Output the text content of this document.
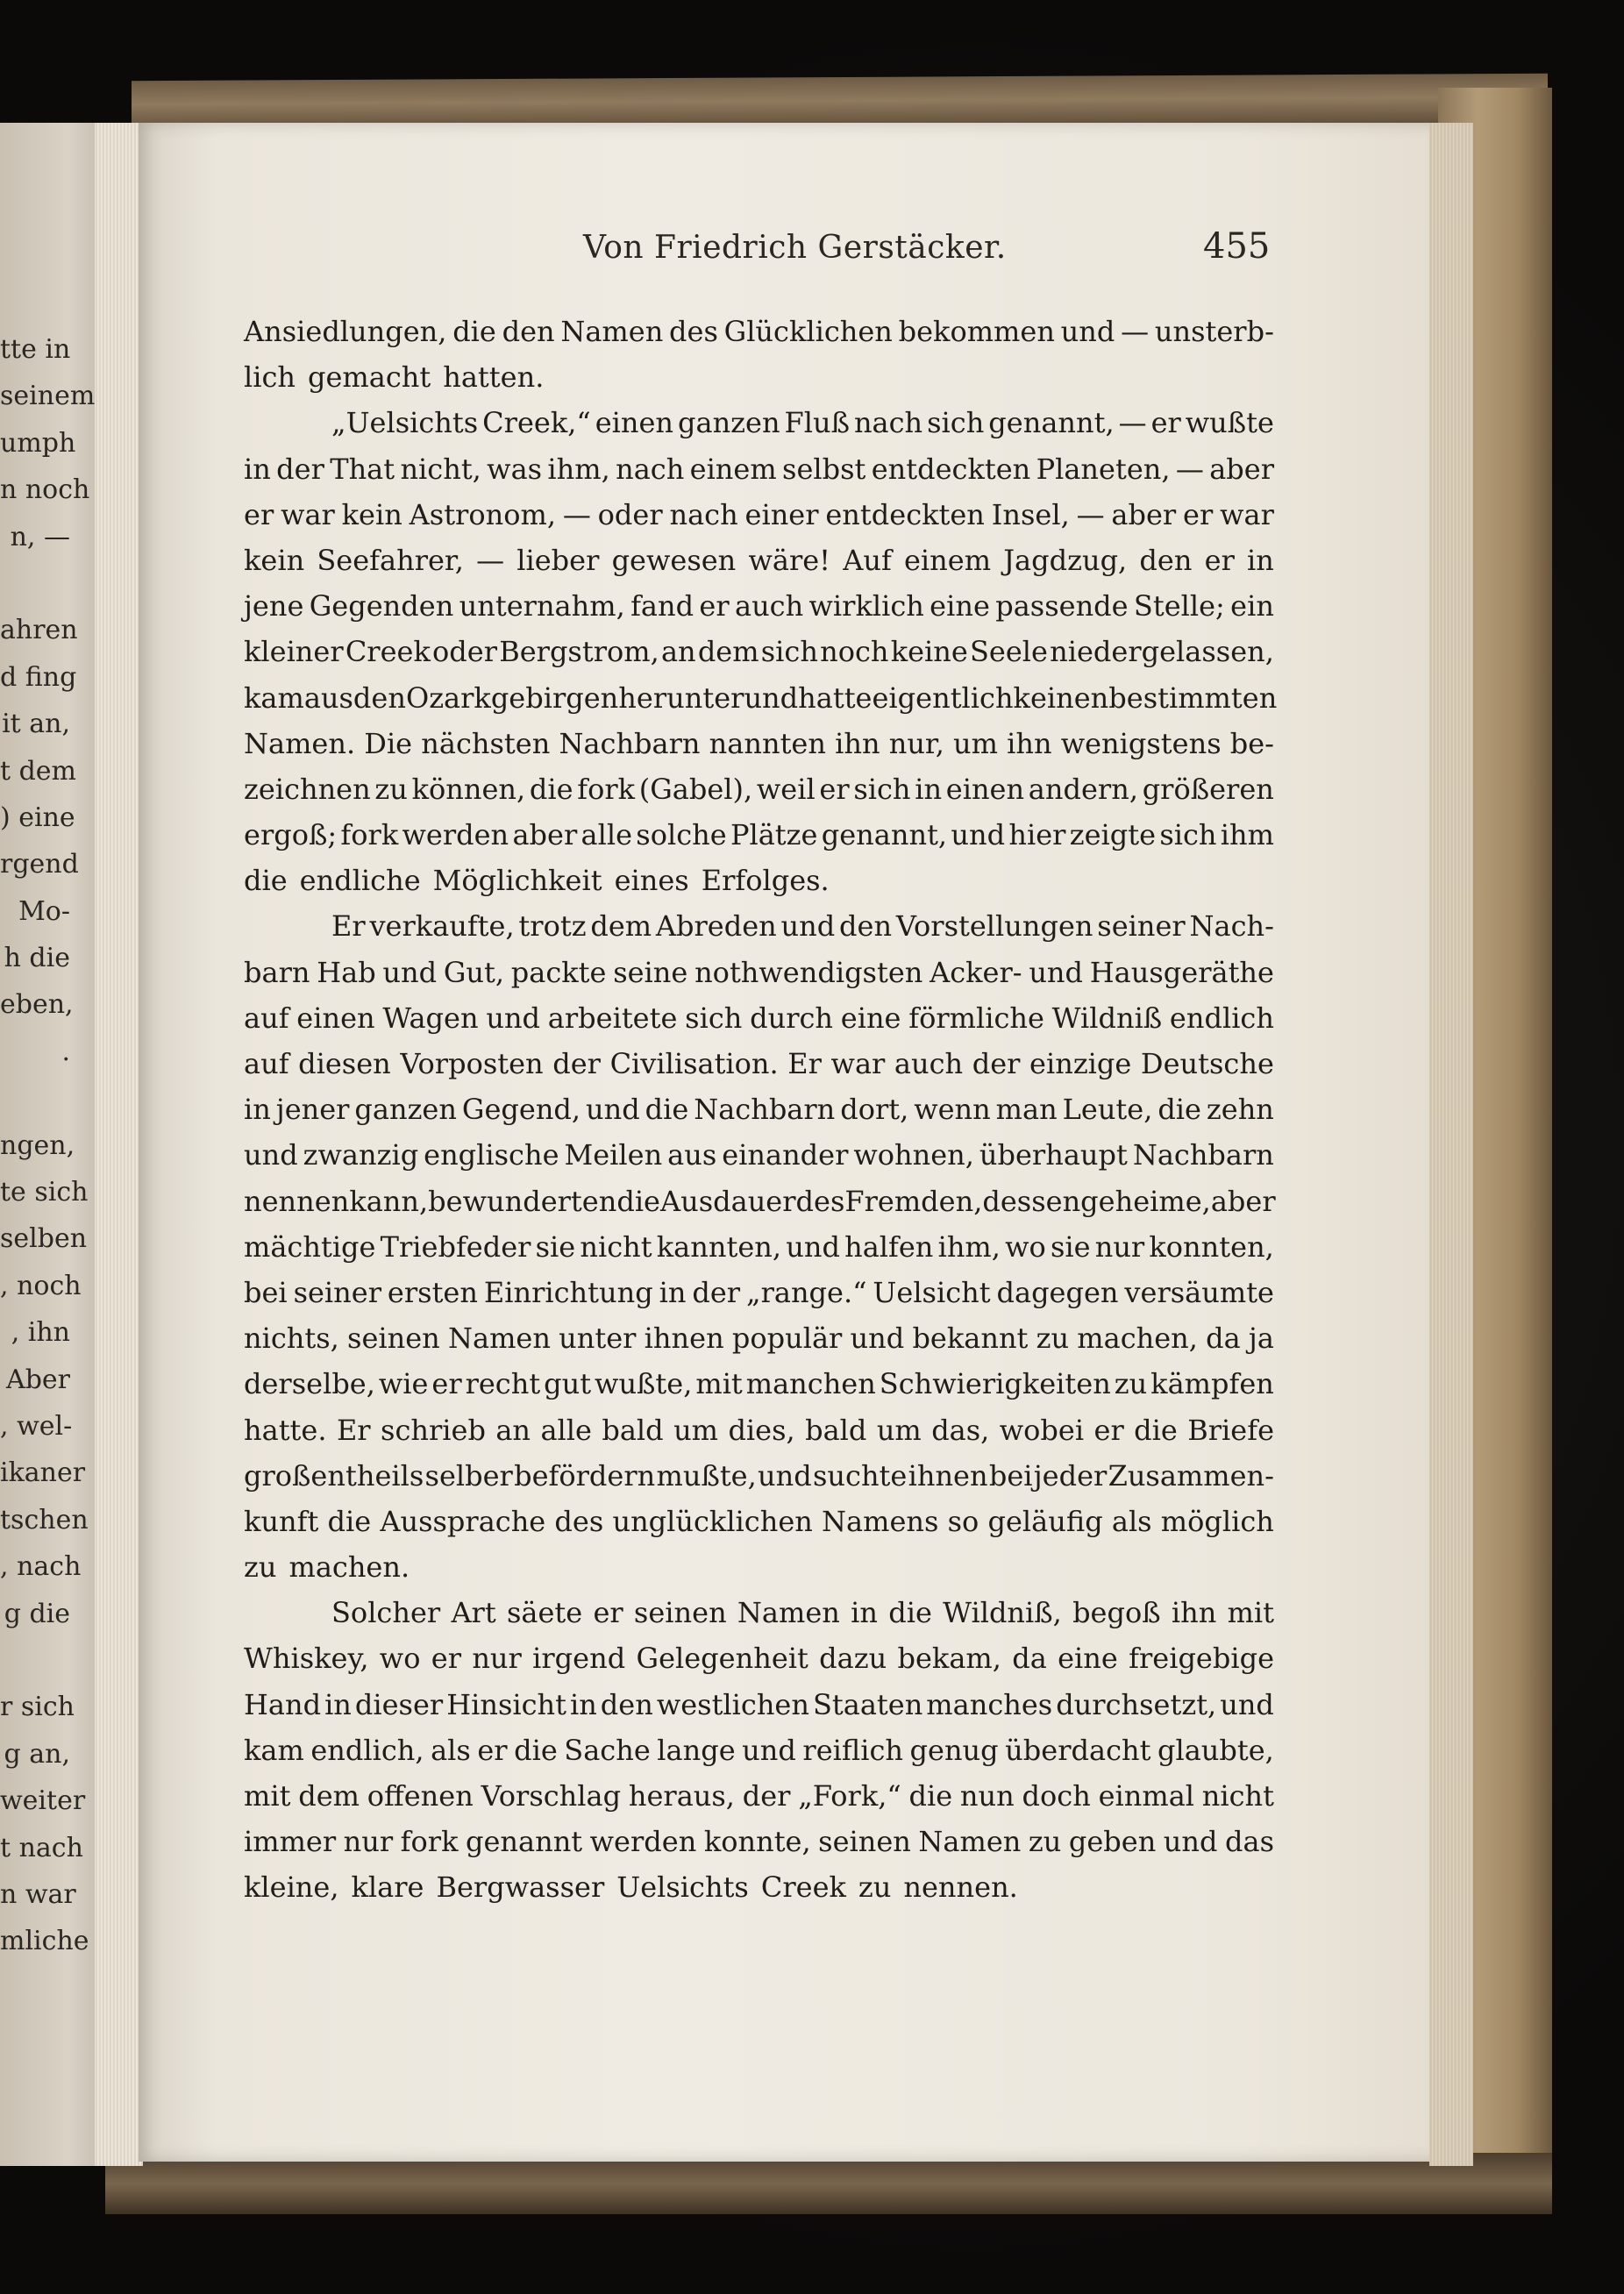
tte in
seinem
umph
n noch
n, —
ahren
d fing
it an,
t dem
) eine
rgend
Mo-
h die
eben,
.
ngen,
te sich
selben
, noch
, ihn
Aber
, wel-
ikaner
tschen
, nach
g die
r sich
g an,
weiter
t nach
n war
mliche
Von Friedrich Gerstäcker.	455
Ansiedlungen, die den Namen des Glücklichen bekommen und — unsterb-
lich gemacht hatten.
„Uelsichts Creek,“ einen ganzen Fluß nach sich genannt, — er wußte
in der That nicht, was ihm, nach einem selbst entdeckten Planeten, — aber
er war kein Astronom, — oder nach einer entdeckten Insel, — aber er war
kein Seefahrer, — lieber gewesen wäre! Auf einem Jagdzug, den er in
jene Gegenden unternahm, fand er auch wirklich eine passende Stelle; ein
kleiner Creek oder Bergstrom, an dem sich noch keine Seele niedergelassen,
kam aus den Ozarkgebirgen herunter und hatte eigentlich keinen bestimmten
Namen. Die nächsten Nachbarn nannten ihn nur, um ihn wenigstens be-
zeichnen zu können, die fork (Gabel), weil er sich in einen andern, größeren
ergoß; fork werden aber alle solche Plätze genannt, und hier zeigte sich ihm
die endliche Möglichkeit eines Erfolges.
Er verkaufte, trotz dem Abreden und den Vorstellungen seiner Nach-
barn Hab und Gut, packte seine nothwendigsten Acker- und Hausgeräthe
auf einen Wagen und arbeitete sich durch eine förmliche Wildniß endlich
auf diesen Vorposten der Civilisation. Er war auch der einzige Deutsche
in jener ganzen Gegend, und die Nachbarn dort, wenn man Leute, die zehn
und zwanzig englische Meilen aus einander wohnen, überhaupt Nachbarn
nennen kann, bewunderten die Ausdauer des Fremden, dessen geheime, aber
mächtige Triebfeder sie nicht kannten, und halfen ihm, wo sie nur konnten,
bei seiner ersten Einrichtung in der „range.“ Uelsicht dagegen versäumte
nichts, seinen Namen unter ihnen populär und bekannt zu machen, da ja
derselbe, wie er recht gut wußte, mit manchen Schwierigkeiten zu kämpfen
hatte. Er schrieb an alle bald um dies, bald um das, wobei er die Briefe
großentheils selber befördern mußte, und suchte ihnen bei jeder Zusammen-
kunft die Aussprache des unglücklichen Namens so geläufig als möglich
zu machen.
Solcher Art säete er seinen Namen in die Wildniß, begoß ihn mit
Whiskey, wo er nur irgend Gelegenheit dazu bekam, da eine freigebige
Hand in dieser Hinsicht in den westlichen Staaten manches durchsetzt, und
kam endlich, als er die Sache lange und reiflich genug überdacht glaubte,
mit dem offenen Vorschlag heraus, der „Fork,“ die nun doch einmal nicht
immer nur fork genannt werden konnte, seinen Namen zu geben und das
kleine, klare Bergwasser Uelsichts Creek zu nennen.
